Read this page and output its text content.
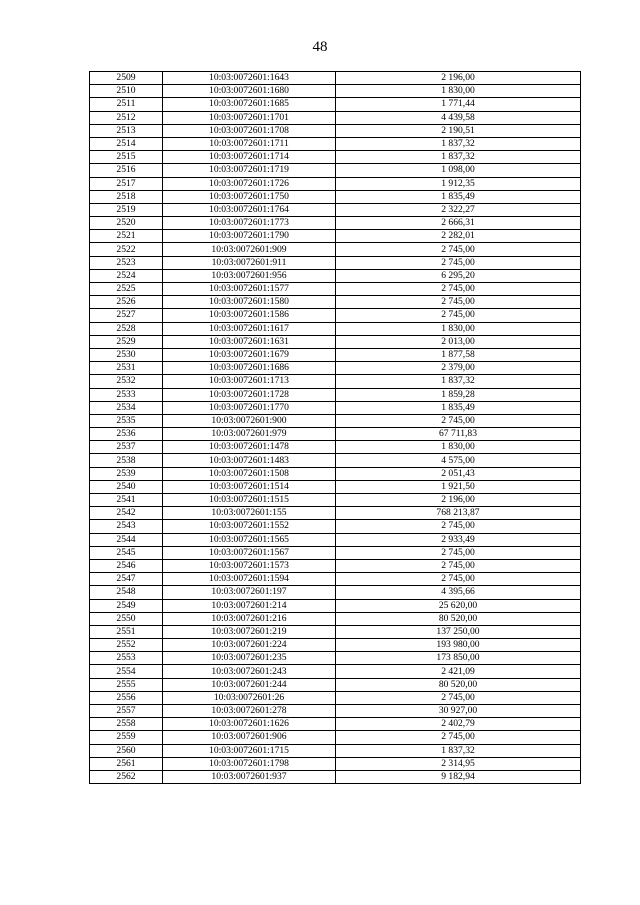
48
2509	10:03:0072601:1643	2 196,00
2510	10:03:0072601:1680	1 830,00
2511	10:03:0072601:1685	1 771,44
2512	10:03:0072601:1701	4 439,58
2513	10:03:0072601:1708	2 190,51
2514	10:03:0072601:1711	1 837,32
2515	10:03:0072601:1714	1 837,32
2516	10:03:0072601:1719	1 098,00
2517	10:03:0072601:1726	1 912,35
2518	10:03:0072601:1750	1 835,49
2519	10:03:0072601:1764	2 322,27
2520	10:03:0072601:1773	2 666,31
2521	10:03:0072601:1790	2 282,01
2522	10:03:0072601:909	2 745,00
2523	10:03:0072601:911	2 745,00
2524	10:03:0072601:956	6 295,20
2525	10:03:0072601:1577	2 745,00
2526	10:03:0072601:1580	2 745,00
2527	10:03:0072601:1586	2 745,00
2528	10:03:0072601:1617	1 830,00
2529	10:03:0072601:1631	2 013,00
2530	10:03:0072601:1679	1 877,58
2531	10:03:0072601:1686	2 379,00
2532	10:03:0072601:1713	1 837,32
2533	10:03:0072601:1728	1 859,28
2534	10:03:0072601:1770	1 835,49
2535	10:03:0072601:900	2 745,00
2536	10:03:0072601:979	67 711,83
2537	10:03:0072601:1478	1 830,00
2538	10:03:0072601:1483	4 575,00
2539	10:03:0072601:1508	2 051,43
2540	10:03:0072601:1514	1 921,50
2541	10:03:0072601:1515	2 196,00
2542	10:03:0072601:155	768 213,87
2543	10:03:0072601:1552	2 745,00
2544	10:03:0072601:1565	2 933,49
2545	10:03:0072601:1567	2 745,00
2546	10:03:0072601:1573	2 745,00
2547	10:03:0072601:1594	2 745,00
2548	10:03:0072601:197	4 395,66
2549	10:03:0072601:214	25 620,00
2550	10:03:0072601:216	80 520,00
2551	10:03:0072601:219	137 250,00
2552	10:03:0072601:224	193 980,00
2553	10:03:0072601:235	173 850,00
2554	10:03:0072601:243	2 421,09
2555	10:03:0072601:244	80 520,00
2556	10:03:0072601:26	2 745,00
2557	10:03:0072601:278	30 927,00
2558	10:03:0072601:1626	2 402,79
2559	10:03:0072601:906	2 745,00
2560	10:03:0072601:1715	1 837,32
2561	10:03:0072601:1798	2 314,95
2562	10:03:0072601:937	9 182,94
